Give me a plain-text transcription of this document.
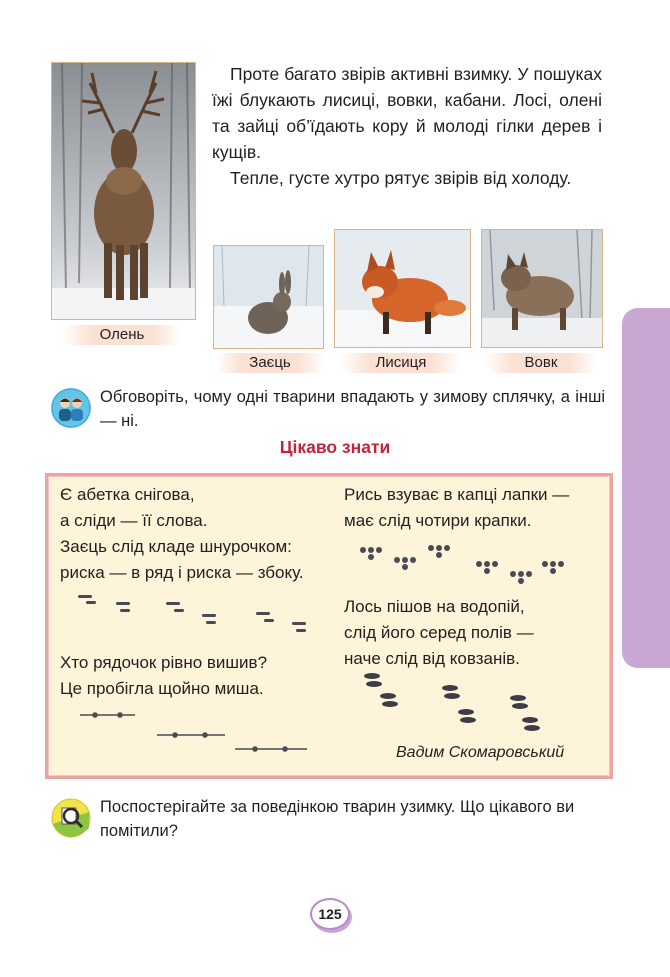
Олень

Проте багато звірів активні взимку. У пошуках їжі блукають лисиці, вовки, кабани. Лосі, олені та зайці об’їдають кору й молоді гілки дерев і кущів.

Тепле, густе хутро рятує звірів від холоду.

Заєць	Лисиця	Вовк
Обговоріть, чому одні тварини впадають у зимову сплячку, а інші — ні.
Цікаво знати
Є абетка снігова,
а сліди — її слова.
Заєць слід кладе шнурочком:
риска — в ряд і риска — збоку.
Хто рядочок рівно вишив?
Це пробігла щойно миша.
Рись взуває в капці лапки —
має слід чотири крапки.
Лось пішов на водопій,
слід його серед полів —
наче слід від ковзанів.
Вадим Скомаровський
Поспостерігайте за поведінкою тварин узимку. Що цікавого ви помітили?
125
